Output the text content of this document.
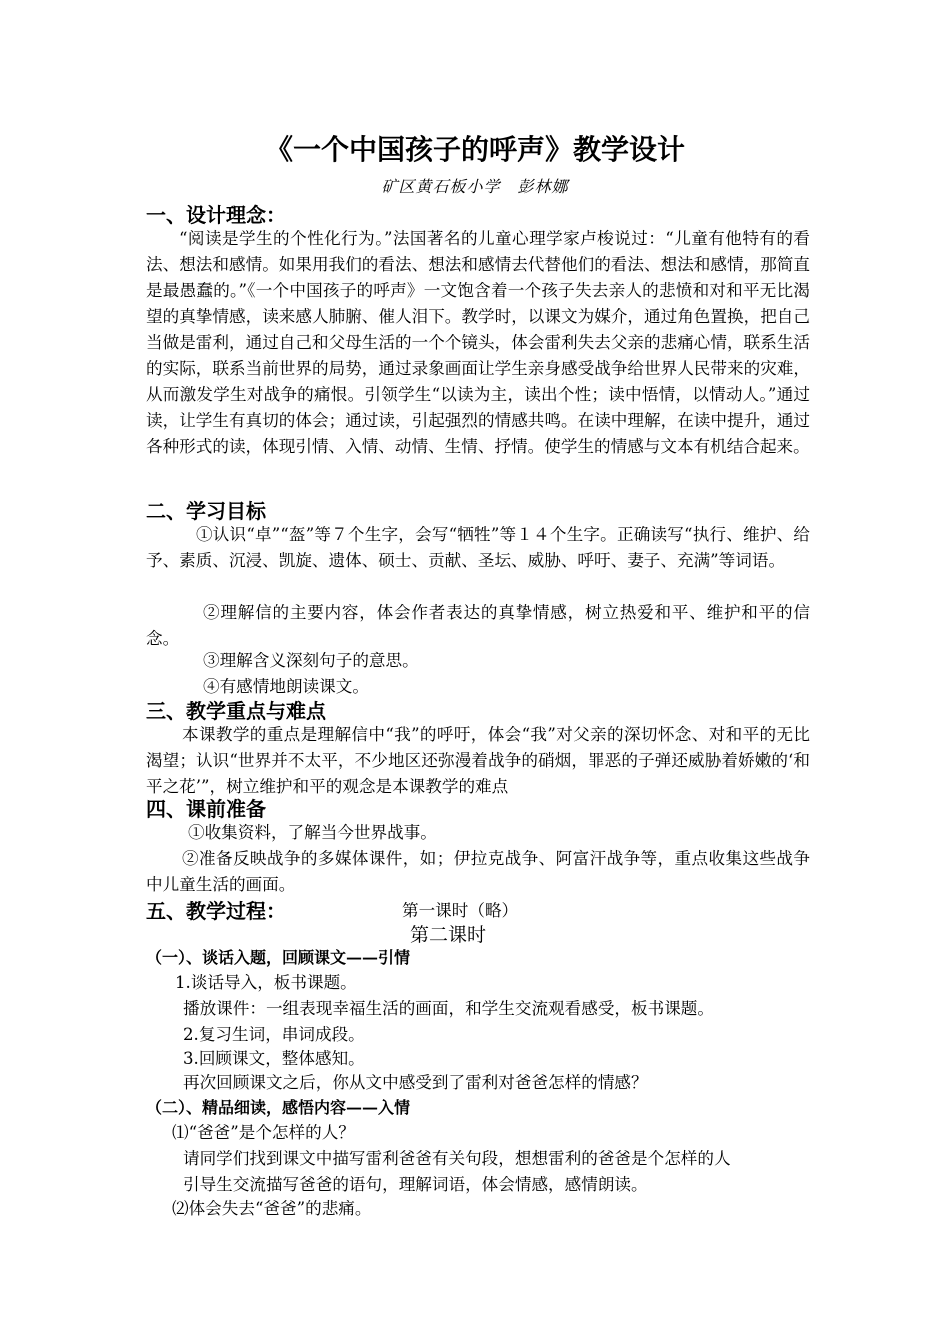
《一个中国孩子的呼声》教学设计
矿区黄石板小学　彭林娜
一、设计理念：
“阅读是学生的个性化行为。”法国著名的儿童心理学家卢梭说过：“儿童有他特有的看法、想法和感情。如果用我们的看法、想法和感情去代替他们的看法、想法和感情，那简直是最愚蠢的。”《一个中国孩子的呼声》一文饱含着一个孩子失去亲人的悲愤和对和平无比渴望的真挚情感，读来感人肺腑、催人泪下。教学时，以课文为媒介，通过角色置换，把自己当做是雷利，通过自己和父母生活的一个个镜头，体会雷利失去父亲的悲痛心情，联系生活的实际，联系当前世界的局势，通过录象画面让学生亲身感受战争给世界人民带来的灾难，从而激发学生对战争的痛恨。引领学生“以读为主，读出个性；读中悟情，以情动人。”通过读，让学生有真切的体会；通过读，引起强烈的情感共鸣。在读中理解，在读中提升，通过各种形式的读，体现引情、入情、动情、生情、抒情。使学生的情感与文本有机结合起来。
二、学习目标
①认识“卓”“盔”等７个生字，会写“牺牲”等１４个生字。正确读写“执行、维护、给予、素质、沉浸、凯旋、遗体、硕士、贡献、圣坛、威胁、呼吁、妻子、充满”等词语。
②理解信的主要内容，体会作者表达的真挚情感，树立热爱和平、维护和平的信念。
③理解含义深刻句子的意思。
④有感情地朗读课文。
三、教学重点与难点
本课教学的重点是理解信中“我”的呼吁，体会“我”对父亲的深切怀念、对和平的无比渴望；认识“世界并不太平，不少地区还弥漫着战争的硝烟，罪恶的子弹还威胁着娇嫩的‘和平之花’”，树立维护和平的观念是本课教学的难点
四、课前准备
①收集资料，了解当今世界战事。
②准备反映战争的多媒体课件，如；伊拉克战争、阿富汗战争等，重点收集这些战争中儿童生活的画面。
五、教学过程：	第一课时（略）
第二课时
（一）、谈话入题，回顾课文——引情
1.谈话导入，板书课题。
播放课件：一组表现幸福生活的画面，和学生交流观看感受，板书课题。
2.复习生词，串词成段。
3.回顾课文，整体感知。
再次回顾课文之后，你从文中感受到了雷利对爸爸怎样的情感？
（二）、精品细读，感悟内容——入情
⑴“爸爸”是个怎样的人？
请同学们找到课文中描写雷利爸爸有关句段，想想雷利的爸爸是个怎样的人
引导生交流描写爸爸的语句，理解词语，体会情感，感情朗读。
⑵体会失去“爸爸”的悲痛。
